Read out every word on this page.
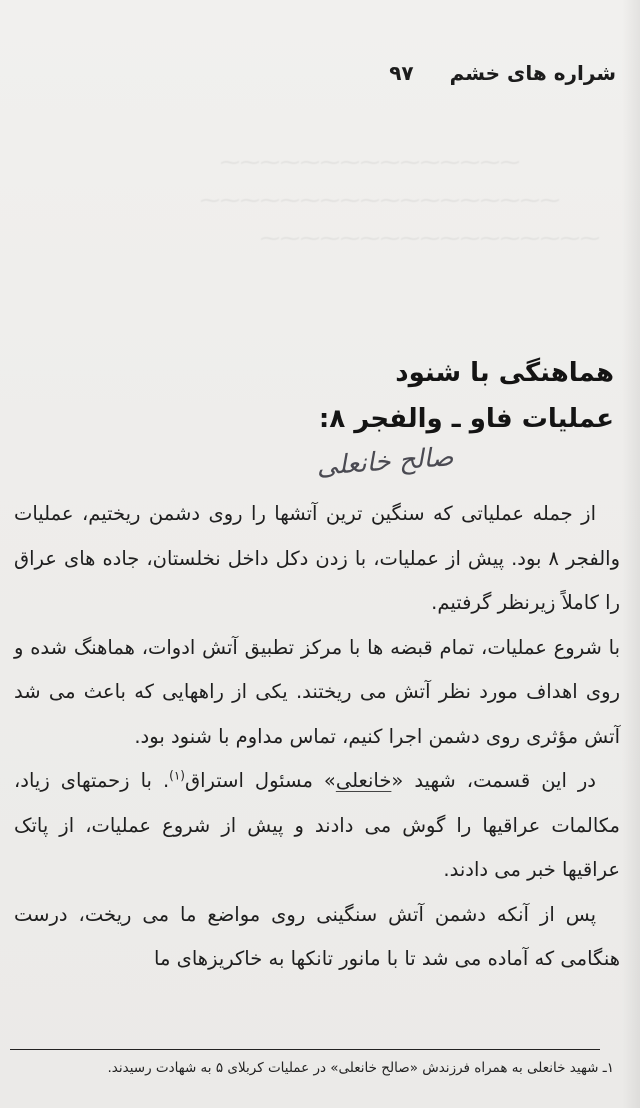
⁓⁓⁓⁓⁓⁓⁓⁓⁓⁓⁓⁓⁓⁓⁓
⁓⁓⁓⁓⁓⁓⁓⁓⁓⁓⁓⁓⁓⁓⁓⁓⁓⁓
⁓⁓⁓⁓⁓⁓⁓⁓⁓⁓⁓⁓⁓⁓⁓⁓⁓
شراره های خشم
۹۷
هماهنگی با شنود
عملیات فاو ـ والفجر ۸:
صالح خانعلی

از جمله عملیاتی که سنگین ترین آتشها را روی دشمن ریختیم، عملیات والفجر ۸ بود. پیش از عملیات، با زدن دکل داخل نخلستان، جاده های عراق را کاملاً زیرنظر گرفتیم.

با شروع عملیات، تمام قبضه ها با مرکز تطبیق آتش ادوات، هماهنگ شده و روی اهداف مورد نظر آتش می ریختند. یکی از راههایی که باعث می شد آتش مؤثری روی دشمن اجرا کنیم، تماس مداوم با شنود بود.

در این قسمت، شهید «خانعلی» مسئول استراق$^{(۱)}$. با زحمتهای زیاد، مکالمات عراقیها را گوش می دادند و پیش از شروع عملیات، از پاتک عراقیها خبر می دادند.

پس از آنکه دشمن آتش سنگینی روی مواضع ما می ریخت، درست هنگامی که آماده می شد تا با مانور تانکها به خاکریزهای ما

۱ـ شهید خانعلی به همراه فرزندش «صالح خانعلی» در عملیات کربلای ۵ به شهادت رسیدند.
